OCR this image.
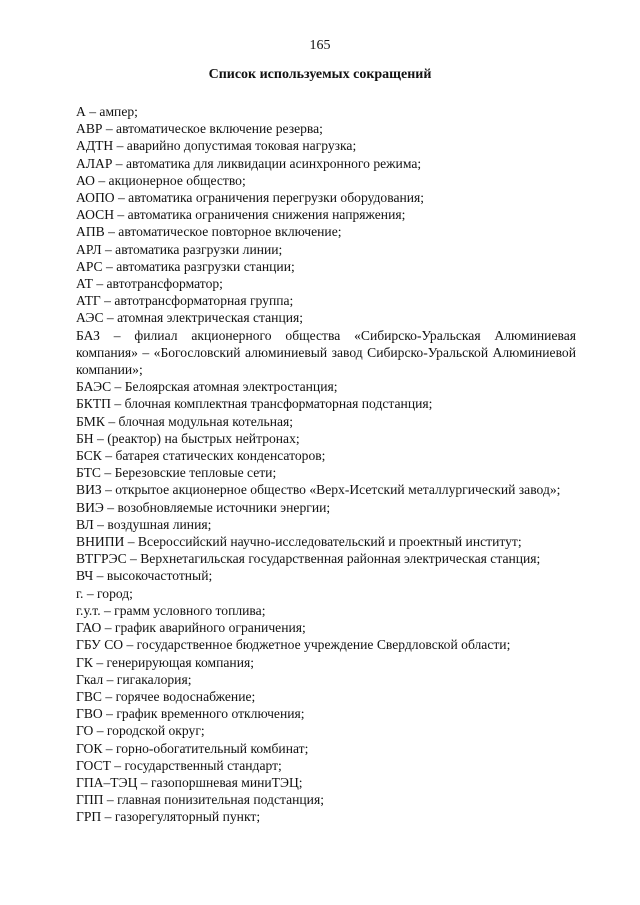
165
Список используемых сокращений
А – ампер;
АВР – автоматическое включение резерва;
АДТН – аварийно допустимая токовая нагрузка;
АЛАР – автоматика для ликвидации асинхронного режима;
АО – акционерное общество;
АОПО – автоматика ограничения перегрузки оборудования;
АОСН – автоматика ограничения снижения напряжения;
АПВ – автоматическое повторное включение;
АРЛ – автоматика разгрузки линии;
АРС – автоматика разгрузки станции;
АТ – автотрансформатор;
АТГ – автотрансформаторная группа;
АЭС – атомная электрическая станция;
БАЗ – филиал акционерного общества «Сибирско-Уральская Алюминиевая компания» – «Богословский алюминиевый завод Сибирско-Уральской Алюминиевой компании»;
БАЭС – Белоярская атомная электростанция;
БКТП – блочная комплектная трансформаторная подстанция;
БМК – блочная модульная котельная;
БН – (реактор) на быстрых нейтронах;
БСК – батарея статических конденсаторов;
БТС – Березовские тепловые сети;
ВИЗ – открытое акционерное общество «Верх-Исетский металлургический завод»;
ВИЭ – возобновляемые источники энергии;
ВЛ – воздушная линия;
ВНИПИ – Всероссийский научно-исследовательский и проектный институт;
ВТГРЭС – Верхнетагильская государственная районная электрическая станция;
ВЧ – высокочастотный;
г. – город;
г.у.т. – грамм условного топлива;
ГАО – график аварийного ограничения;
ГБУ СО – государственное бюджетное учреждение Свердловской области;
ГК – генерирующая компания;
Гкал – гигакалория;
ГВС – горячее водоснабжение;
ГВО – график временного отключения;
ГО – городской округ;
ГОК – горно-обогатительный комбинат;
ГОСТ – государственный стандарт;
ГПА–ТЭЦ – газопоршневая миниТЭЦ;
ГПП – главная понизительная подстанция;
ГРП – газорегуляторный пункт;
